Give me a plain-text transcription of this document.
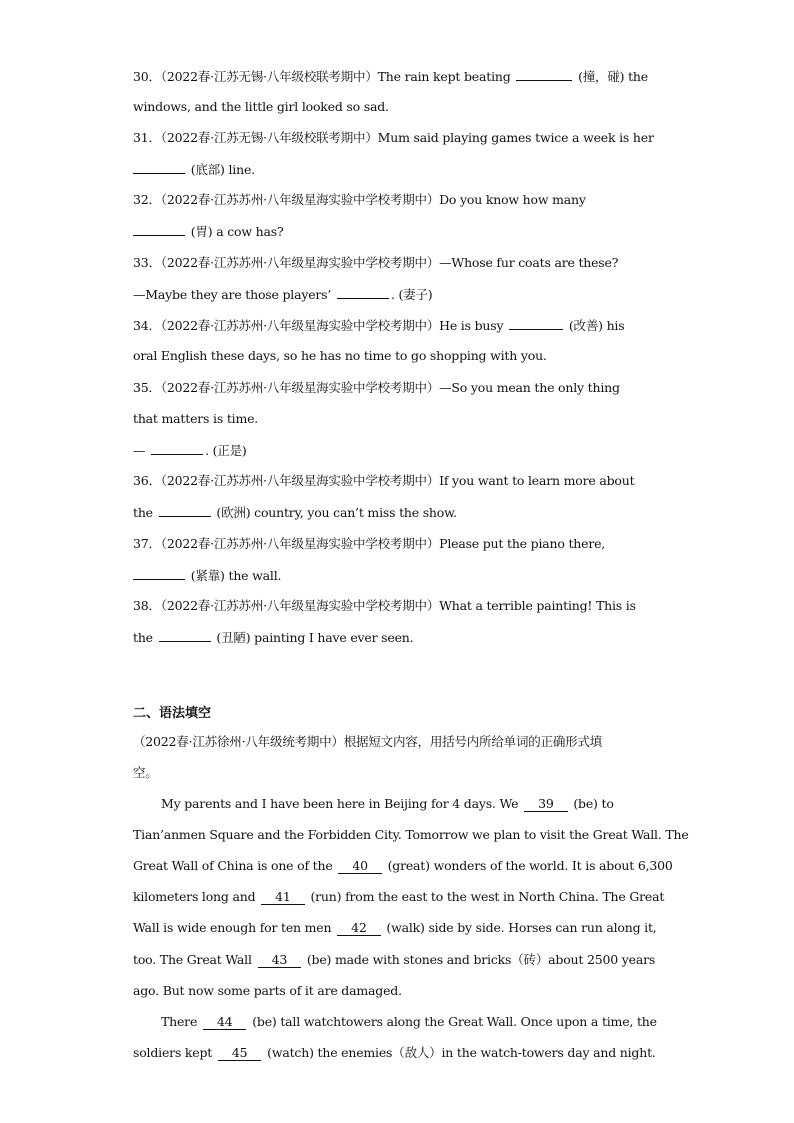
30．（2022春·江苏无锡·八年级校联考期中）The rain kept beating	(撞，碰) the
windows, and the little girl looked so sad.
31．（2022春·江苏无锡·八年级校联考期中）Mum said playing games twice a week is her
(底部) line.
32．（2022春·江苏苏州·八年级星海实验中学校考期中）Do you know how many
(胃) a cow has?
33．（2022春·江苏苏州·八年级星海实验中学校考期中）—Whose fur coats are these?
—Maybe they are those players’	. (妻子)
34．（2022春·江苏苏州·八年级星海实验中学校考期中）He is busy	(改善) his
oral English these days, so he has no time to go shopping with you.
35．（2022春·江苏苏州·八年级星海实验中学校考期中）—So you mean the only thing
that matters is time.
—	. (正是)
36．（2022春·江苏苏州·八年级星海实验中学校考期中）If you want to learn more about
the	(欧洲) country, you can’t miss the show.
37．（2022春·江苏苏州·八年级星海实验中学校考期中）Please put the piano there,
(紧靠) the wall.
38．（2022春·江苏苏州·八年级星海实验中学校考期中）What a terrible painting! This is
the	(丑陋) painting I have ever seen.
二、语法填空
（2022春·江苏徐州·八年级统考期中）根据短文内容，用括号内所给单词的正确形式填
空。
My parents and I have been here in Beijing for 4 days. We 39 (be) to
Tian’anmen Square and the Forbidden City. Tomorrow we plan to visit the Great Wall. The
Great Wall of China is one of the 40 (great) wonders of the world. It is about 6,300
kilometers long and 41 (run) from the east to the west in North China. The Great
Wall is wide enough for ten men 42 (walk) side by side. Horses can run along it,
too. The Great Wall 43 (be) made with stones and bricks（砖）about 2500 years
ago. But now some parts of it are damaged.
There 44 (be) tall watchtowers along the Great Wall. Once upon a time, the
soldiers kept 45 (watch) the enemies（敌人）in the watch-towers day and night.
